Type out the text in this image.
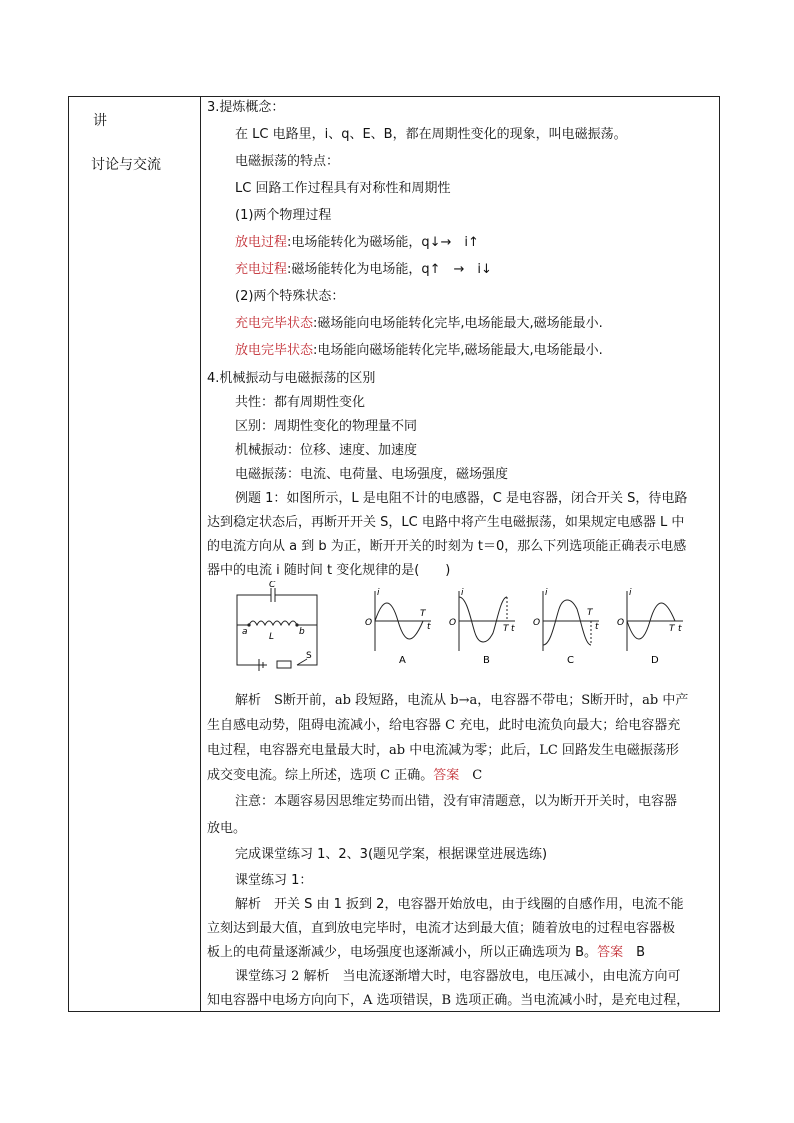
讲
讨论与交流
3.提炼概念：
在 LC 电路里，i、q、E、B，都在周期性变化的现象，叫电磁振荡。
电磁振荡的特点：
LC 回路工作过程具有对称性和周期性
(1)两个物理过程
放电过程:电场能转化为磁场能，q↓→　i↑
充电过程:磁场能转化为电场能，q↑　→　i↓
(2)两个特殊状态：
充电完毕状态:磁场能向电场能转化完毕,电场能最大,磁场能最小.
放电完毕状态:电场能向磁场能转化完毕,磁场能最大,电场能最小.
4.机械振动与电磁振荡的区别
共性：都有周期性变化
区别：周期性变化的物理量不同
机械振动：位移、速度、加速度
电磁振荡：电流、电荷量、电场强度，磁场强度
例题 1：如图所示，L 是电阻不计的电感器，C 是电容器，闭合开关 S，待电路
达到稳定状态后，再断开开关 S，LC 电路中将产生电磁振荡，如果规定电感器 L 中
的电流方向从 a 到 b 为正，断开开关的时刻为 t＝0，那么下列选项能正确表示电感
器中的电流 i 随时间 t 变化规律的是(　　)
C
L
a	b
S
i
O
T
t
A
i
O
T t
B
i
O
T
t
C
i
O
T t
D
解析　S断开前，ab 段短路，电流从 b→a，电容器不带电；S断开时，ab 中产
生自感电动势，阻碍电流减小，给电容器 C 充电，此时电流负向最大；给电容器充
电过程，电容器充电量最大时，ab 中电流减为零；此后，LC 回路发生电磁振荡形
成交变电流。综上所述，选项 C 正确。答案　C
注意：本题容易因思维定势而出错，没有审清题意，以为断开开关时，电容器
放电。
完成课堂练习 1、2、3(题见学案，根据课堂进展选练)
课堂练习 1：
解析　开关 S 由 1 扳到 2，电容器开始放电，由于线圈的自感作用，电流不能
立刻达到最大值，直到放电完毕时，电流才达到最大值；随着放电的过程电容器极
板上的电荷量逐渐减少，电场强度也逐渐减小，所以正确选项为 B。答案　B
课堂练习 2 解析　当电流逐渐增大时，电容器放电，电压减小，由电流方向可
知电容器中电场方向向下，A 选项错误，B 选项正确。当电流减小时，是充电过程，
